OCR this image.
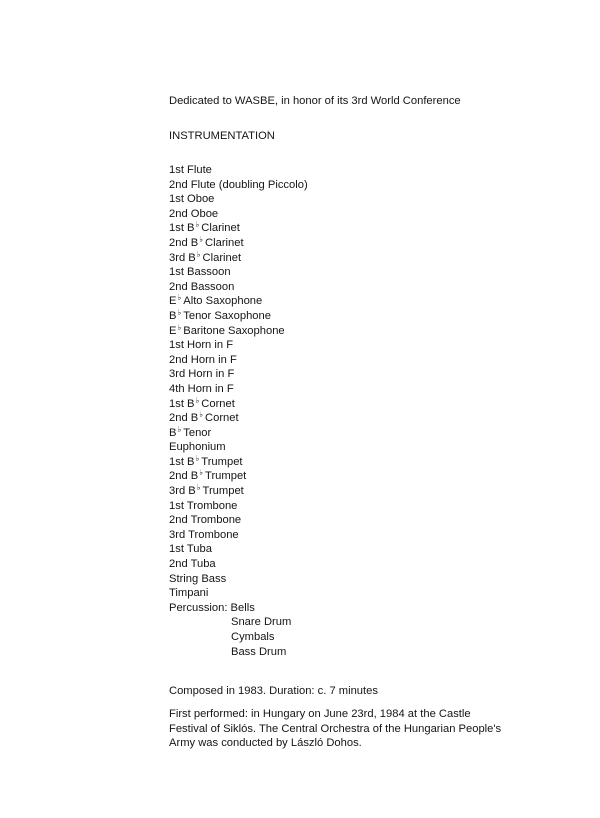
Dedicated to WASBE, in honor of its 3rd World Conference
INSTRUMENTATION
1st Flute
2nd Flute (doubling Piccolo)
1st Oboe
2nd Oboe
1st B♭ Clarinet
2nd B♭ Clarinet
3rd B♭ Clarinet
1st Bassoon
2nd Bassoon
E♭ Alto Saxophone
B♭ Tenor Saxophone
E♭ Baritone Saxophone
1st Horn in F
2nd Horn in F
3rd Horn in F
4th Horn in F
1st B♭ Cornet
2nd B♭ Cornet
B♭ Tenor
Euphonium
1st B♭ Trumpet
2nd B♭ Trumpet
3rd B♭ Trumpet
1st Trombone
2nd Trombone
3rd Trombone
1st Tuba
2nd Tuba
String Bass
Timpani
Percussion: Bells
Snare Drum
Cymbals
Bass Drum
Composed in 1983. Duration: c. 7 minutes
First performed: in Hungary on June 23rd, 1984 at the Castle Festival of Siklós. The Central Orchestra of the Hungarian People's Army was conducted by László Dohos.
